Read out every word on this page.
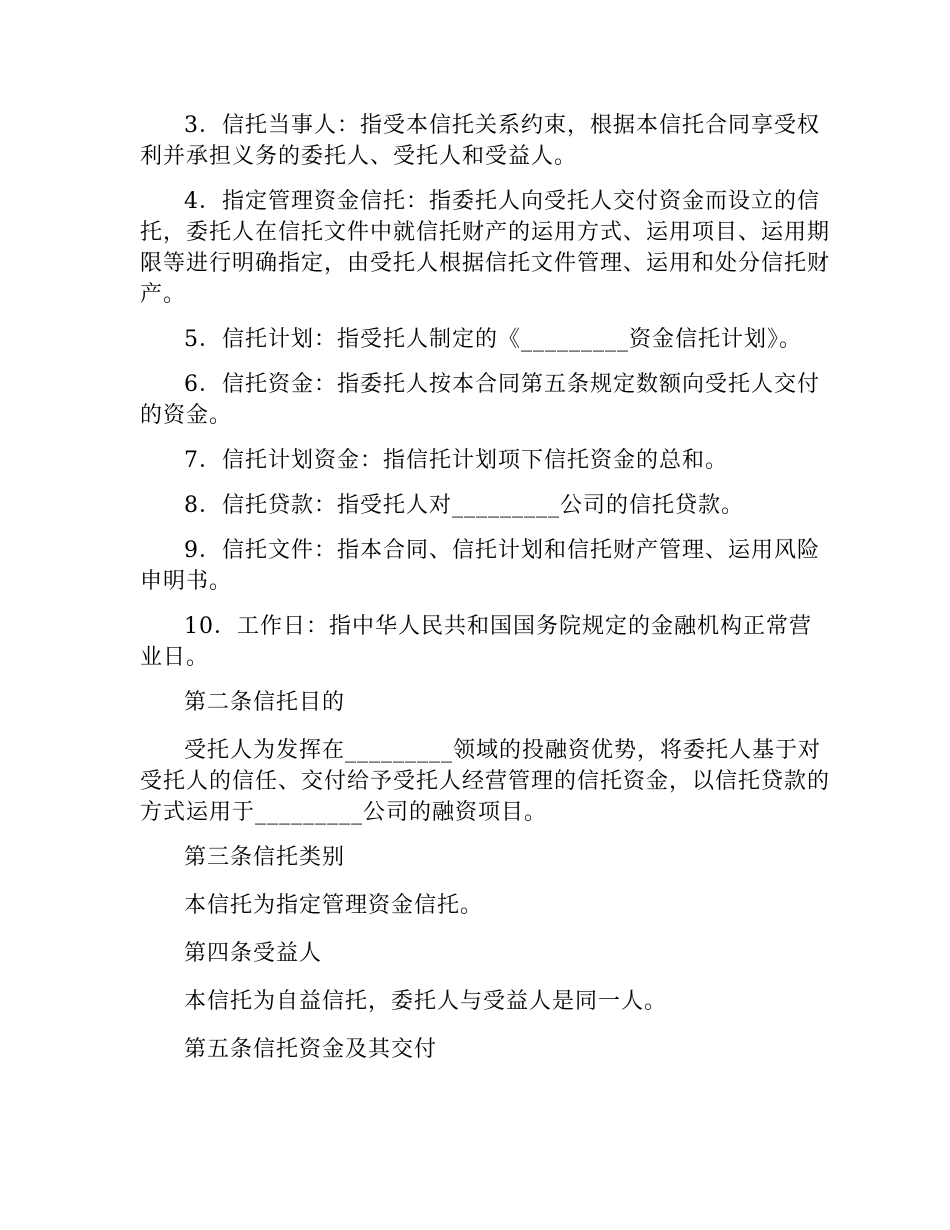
3．信托当事人：指受本信托关系约束，根据本信托合同享受权利并承担义务的委托人、受托人和受益人。

4．指定管理资金信托：指委托人向受托人交付资金而设立的信托，委托人在信托文件中就信托财产的运用方式、运用项目、运用期限等进行明确指定，由受托人根据信托文件管理、运用和处分信托财产。

5．信托计划：指受托人制定的《_________资金信托计划》。

6．信托资金：指委托人按本合同第五条规定数额向受托人交付的资金。

7．信托计划资金：指信托计划项下信托资金的总和。

8．信托贷款：指受托人对_________公司的信托贷款。

9．信托文件：指本合同、信托计划和信托财产管理、运用风险申明书。

10．工作日：指中华人民共和国国务院规定的金融机构正常营业日。

第二条信托目的

受托人为发挥在_________领域的投融资优势，将委托人基于对受托人的信任、交付给予受托人经营管理的信托资金，以信托贷款的方式运用于_________公司的融资项目。

第三条信托类别

本信托为指定管理资金信托。

第四条受益人

本信托为自益信托，委托人与受益人是同一人。

第五条信托资金及其交付
